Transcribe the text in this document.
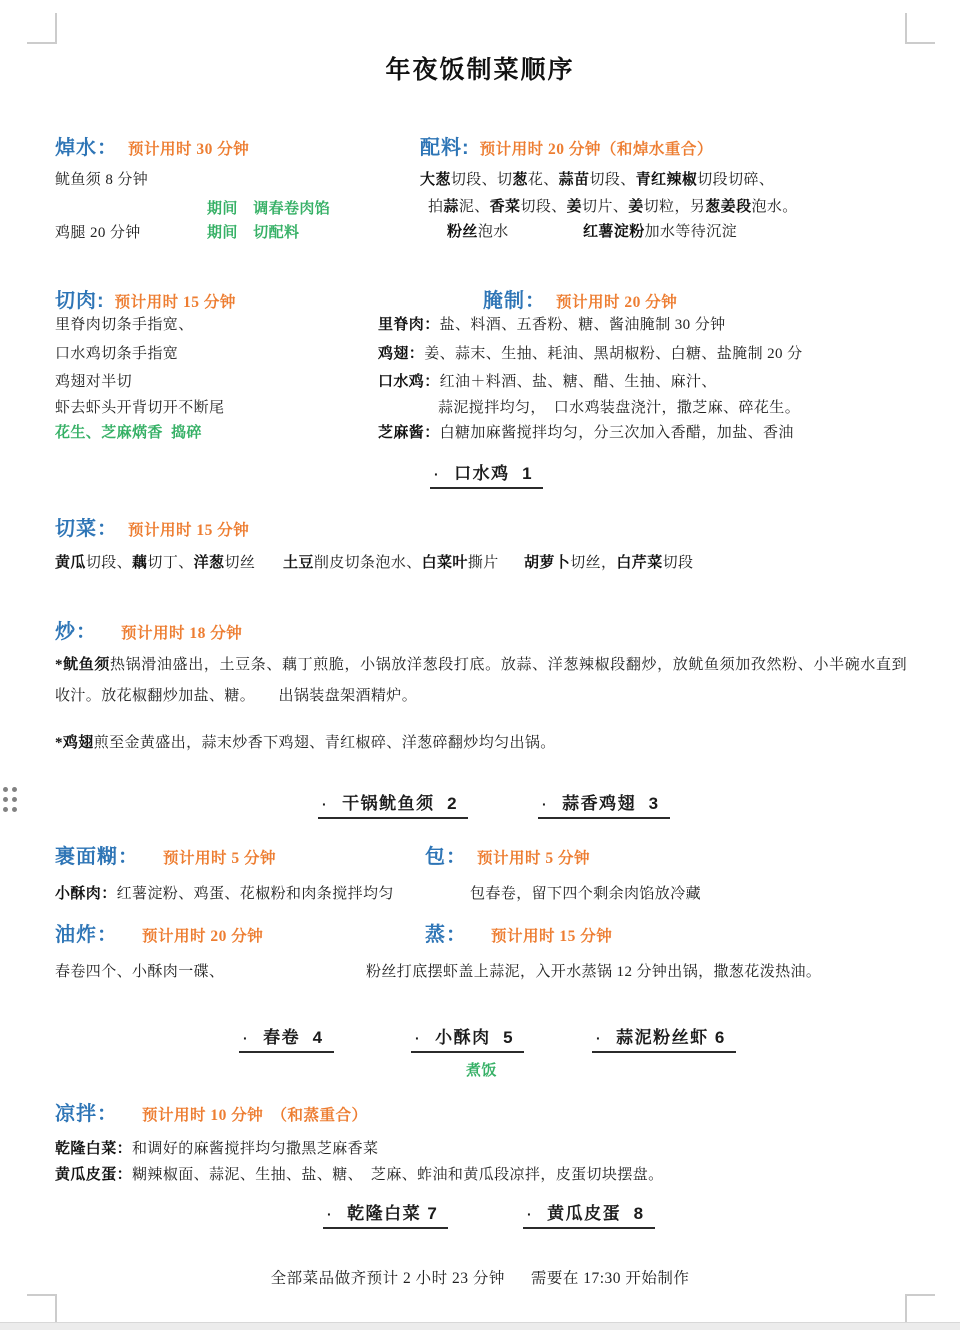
年夜饭制菜顺序
焯水： 预计用时 30 分钟
鱿鱼须 8 分钟
期间　调春卷肉馅
鸡腿 20 分钟	期间　切配料
配料: 预计用时 20 分钟（和焯水重合）
大葱切段、切葱花、蒜苗切段、青红辣椒切段切碎、
拍蒜泥、香菜切段、姜切片、姜切粒，另葱姜段泡水。
粉丝泡水	红薯淀粉加水等待沉淀
切肉: 预计用时 15 分钟
里脊肉切条手指宽、
口水鸡切条手指宽
鸡翅对半切
虾去虾头开背切开不断尾
花生、芝麻焫香  捣碎
腌制： 预计用时 20 分钟
里脊肉：盐、料酒、五香粉、糖、酱油腌制 30 分钟
鸡翅：姜、蒜末、生抽、耗油、黑胡椒粉、白糖、盐腌制 20 分
口水鸡：红油＋料酒、盐、糖、醋、生抽、麻汁、
蒜泥搅拌均匀，　口水鸡装盘浇汁，撒芝麻、碎花生。
芝麻酱：白糖加麻酱搅拌均匀，分三次加入香醋，加盐、香油
· 口水鸡  1
切菜： 预计用时 15 分钟
黄瓜切段、藕切丁、洋葱切丝 土豆削皮切条泡水、白菜叶撕片 胡萝卜切丝，白芹菜切段
炒： 预计用时 18 分钟
*鱿鱼须热锅滑油盛出，土豆条、藕丁煎脆，小锅放洋葱段打底。放蒜、洋葱辣椒段翻炒，放鱿鱼须加孜然粉、小半碗水直到收汁。放花椒翻炒加盐、糖。　　出锅装盘架酒精炉。
*鸡翅煎至金黄盛出，蒜末炒香下鸡翅、青红椒碎、洋葱碎翻炒均匀出锅。
· 干锅鱿鱼须  2	· 蒜香鸡翅  3
裹面糊： 预计用时 5 分钟	包： 预计用时 5 分钟
小酥肉：红薯淀粉、鸡蛋、花椒粉和肉条搅拌均匀	包春卷，留下四个剩余肉馅放冷藏
油炸： 预计用时 20 分钟	蒸： 预计用时 15 分钟
春卷四个、小酥肉一碟、	粉丝打底摆虾盖上蒜泥，入开水蒸锅 12 分钟出锅，撒葱花泼热油。
· 春卷  4	· 小酥肉  5	· 蒜泥粉丝虾 6
煮饭
凉拌： 预计用时 10 分钟　（和蒸重合）
乾隆白菜：和调好的麻酱搅拌均匀撒黑芝麻香菜
黄瓜皮蛋：糊辣椒面、蒜泥、生抽、盐、糖、　芝麻、蚱油和黄瓜段凉拌，皮蛋切块摆盘。
· 乾隆白菜 7	· 黄瓜皮蛋  8
全部菜品做齐预计 2 小时 23 分钟 需要在 17:30 开始制作
